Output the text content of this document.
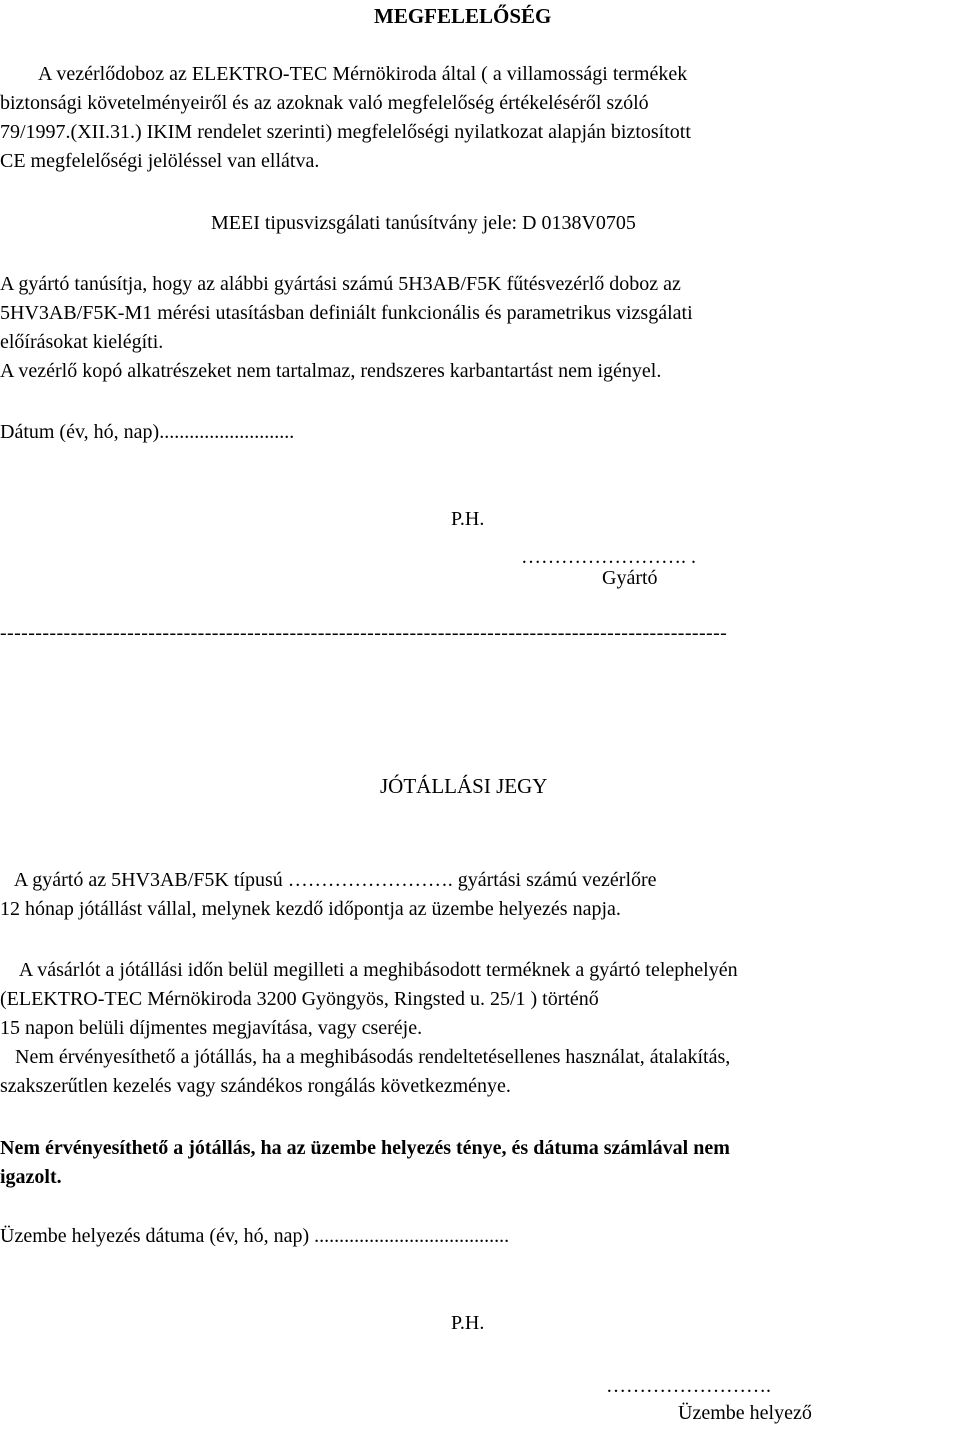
MEGFELELŐSÉG
A vezérlődoboz az ELEKTRO-TEC Mérnökiroda által ( a villamossági termékek
biztonsági követelményeiről és az azoknak való megfelelőség értékeléséről szóló
79/1997.(XII.31.) IKIM rendelet szerinti) megfelelőségi nyilatkozat alapján biztosított
CE megfelelőségi jelöléssel van ellátva.
MEEI tipusvizsgálati tanúsítvány jele: D 0138V0705
A gyártó tanúsítja, hogy az alábbi gyártási számú 5H3AB/F5K fűtésvezérlő doboz az
5HV3AB/F5K-M1 mérési utasításban definiált funkcionális és parametrikus vizsgálati
előírásokat kielégíti.
A vezérlő kopó alkatrészeket nem tartalmaz, rendszeres karbantartást nem igényel.
Dátum (év, hó, nap)...........................
P.H.
……………………. .
Gyártó
-------------------------------------------------------------------------------------------------------
JÓTÁLLÁSI JEGY
A gyártó az 5HV3AB/F5K típusú ……………………. gyártási számú vezérlőre
12 hónap jótállást vállal, melynek kezdő időpontja az üzembe helyezés napja.
A vásárlót a jótállási időn belül megilleti a meghibásodott terméknek a gyártó telephelyén
(ELEKTRO-TEC Mérnökiroda 3200 Gyöngyös, Ringsted u. 25/1 ) történő
15 napon belüli díjmentes megjavítása, vagy cseréje.
Nem érvényesíthető a jótállás, ha a meghibásodás rendeltetésellenes használat, átalakítás,
szakszerűtlen kezelés vagy szándékos rongálás következménye.
Nem érvényesíthető a jótállás, ha az üzembe helyezés ténye, és dátuma számlával nem
igazolt.
Üzembe helyezés dátuma (év, hó, nap) .......................................
P.H.
…………………….
Üzembe helyező
